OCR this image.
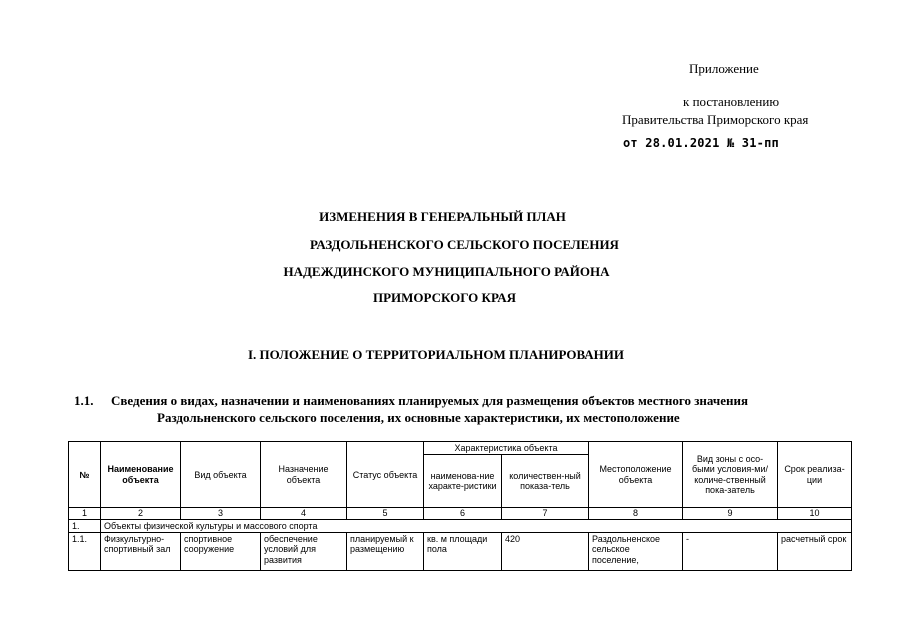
Приложение
к постановлению
Правительства Приморского края
от 28.01.2021 № 31-пп
ИЗМЕНЕНИЯ В ГЕНЕРАЛЬНЫЙ ПЛАН
РАЗДОЛЬНЕНСКОГО СЕЛЬСКОГО ПОСЕЛЕНИЯ
НАДЕЖДИНСКОГО МУНИЦИПАЛЬНОГО РАЙОНА
ПРИМОРСКОГО КРАЯ
I. ПОЛОЖЕНИЕ О ТЕРРИТОРИАЛЬНОМ ПЛАНИРОВАНИИ
1.1. Сведения о видах, назначении и наименованиях планируемых для размещения объектов местного значения
Раздольненского сельского поселения, их основные характеристики, их местоположение
№	Наименование объекта	Вид объекта	Назначение объекта	Статус объекта	Характеристика объекта		Местоположение объекта	Вид зоны с осо-быми условия-ми/ количе-ственный пока-затель	Срок реализа-ции
					наименова-ние характе-ристики	количествен-ный показа-тель			
1	2	3	4	5	6	7	8	9	10
1.	Объекты физической культуры и массового спорта								
1.1.	Физкультурно-спортивный зал	спортивное сооружение	обеспечение условий для развития	планируемый к размещению	кв. м площади пола	420	Раздольненское сельское поселение,	-	расчетный срок
